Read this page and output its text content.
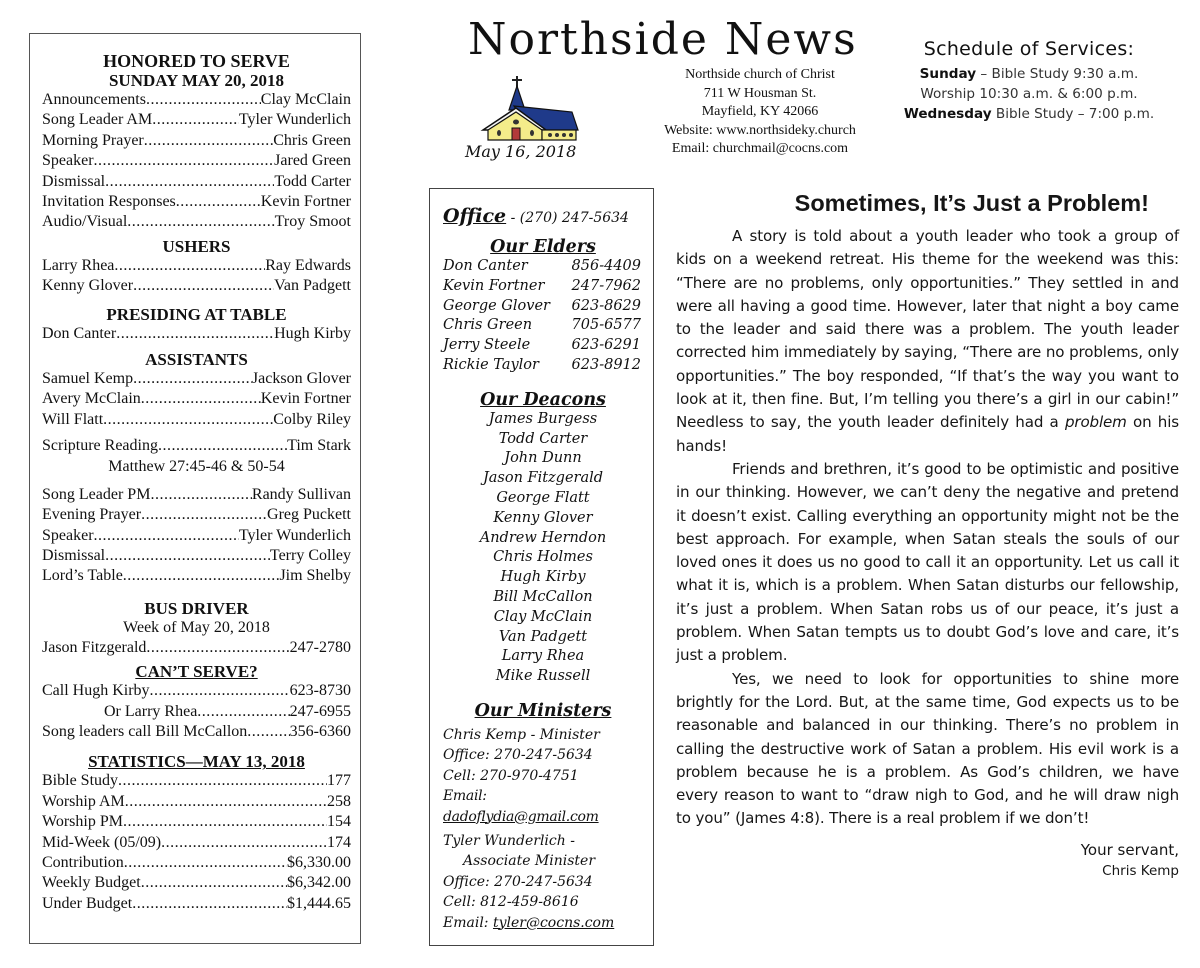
HONORED TO SERVE
SUNDAY MAY 20, 2018
Announcements .....	Clay McClain
Song Leader AM .....	Tyler Wunderlich
Morning Prayer .....	Chris Green
Speaker .....	Jared Green
Dismissal .....	Todd Carter
Invitation Responses .....	Kevin Fortner
Audio/Visual .....	Troy Smoot
USHERS
Larry Rhea .....	Ray Edwards
Kenny Glover .....	Van Padgett
PRESIDING AT TABLE
Don Canter .....	Hugh Kirby
ASSISTANTS
Samuel Kemp .....	Jackson Glover
Avery McClain .....	Kevin Fortner
Will Flatt .....	Colby Riley
Scripture Reading .....	Tim Stark
Matthew 27:45-46 & 50-54
Song Leader PM .....	Randy Sullivan
Evening Prayer .....	Greg Puckett
Speaker .....	Tyler Wunderlich
Dismissal .....	Terry Colley
Lord’s Table .....	Jim Shelby
BUS DRIVER
Week of May 20, 2018
Jason Fitzgerald .....	247-2780
CAN’T SERVE?
Call Hugh Kirby .....	623-8730
Or Larry Rhea .....	247-6955
Song leaders call Bill McCallon .....	356-6360
STATISTICS—MAY 13, 2018
Bible Study .....	177
Worship AM .....	258
Worship PM .....	154
Mid-Week (05/09) .....	174
Contribution .....	$6,330.00
Weekly Budget .....	$6,342.00
Under Budget .....	$1,444.65
Northside News
May 16, 2018
Northside church of Christ
711 W Housman St.
Mayfield, KY 42066
Website: www.northsideky.church
Email: churchmail@cocns.com
Schedule of Services:
Sunday – Bible Study 9:30 a.m.
Worship 10:30 a.m. & 6:00 p.m.
Wednesday Bible Study – 7:00 p.m.
Office - (270) 247-5634
Our Elders
Don Canter	856-4409
Kevin Fortner 247-7962
George Glover 623-8629
Chris Green	705-6577
Jerry Steele	623-6291
Rickie Taylor 623-8912
Our Deacons
James Burgess
Todd Carter
John Dunn
Jason Fitzgerald
George Flatt
Kenny Glover
Andrew Herndon
Chris Holmes
Hugh Kirby
Bill McCallon
Clay McClain
Van Padgett
Larry Rhea
Mike Russell
Our Ministers
Chris Kemp - Minister
Office: 270-247-5634
Cell: 270-970-4751
Email: dadoflydia@gmail.com
Tyler Wunderlich -
Associate Minister
Office: 270-247-5634
Cell: 812-459-8616
Email: tyler@cocns.com
Sometimes, It’s Just a Problem!

A story is told about a youth leader who took a group of kids on a weekend retreat. His theme for the weekend was this: “There are no problems, only opportunities.” They settled in and were all having a good time. However, later that night a boy came to the leader and said there was a problem. The youth leader corrected him immediately by saying, “There are no problems, only opportunities.” The boy responded, “If that’s the way you want to look at it, then fine. But, I’m telling you there’s a girl in our cabin!” Needless to say, the youth leader definitely had a problem on his hands!

Friends and brethren, it’s good to be optimistic and positive in our thinking. However, we can’t deny the negative and pretend it doesn’t exist. Calling everything an opportunity might not be the best approach. For example, when Satan steals the souls of our loved ones it does us no good to call it an opportunity. Let us call it what it is, which is a problem. When Satan disturbs our fellowship, it’s just a problem. When Satan robs us of our peace, it’s just a problem. When Satan tempts us to doubt God’s love and care, it’s just a problem.

Yes, we need to look for opportunities to shine more brightly for the Lord. But, at the same time, God expects us to be reasonable and balanced in our thinking. There’s no problem in calling the destructive work of Satan a problem. His evil work is a problem because he is a problem. As God’s children, we have every reason to want to “draw nigh to God, and he will draw nigh to you” (James 4:8). There is a real problem if we don’t!

Your servant,
Chris Kemp
